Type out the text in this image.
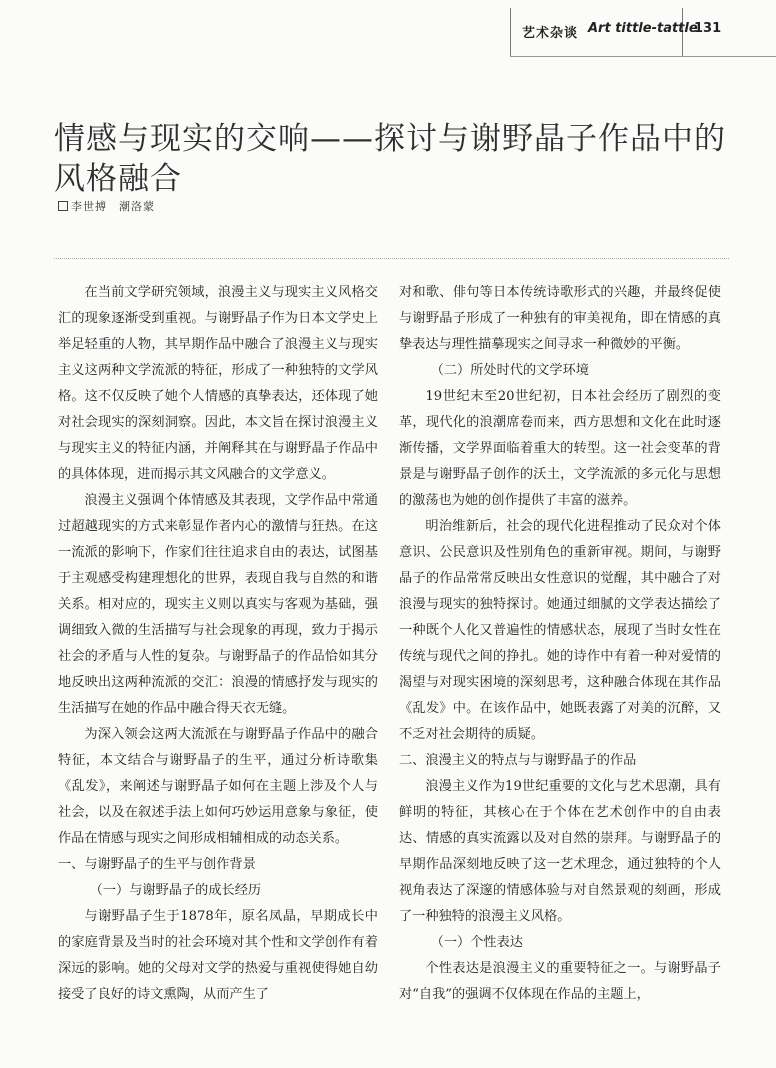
艺术杂谈 Art tittle-tattle
131
情感与现实的交响——探讨与谢野晶子作品中的风格融合
李世搏 潮洛蒙

在当前文学研究领域，浪漫主义与现实主义风格交汇的现象逐渐受到重视。与谢野晶子作为日本文学史上举足轻重的人物，其早期作品中融合了浪漫主义与现实主义这两种文学流派的特征，形成了一种独特的文学风格。这不仅反映了她个人情感的真挚表达，还体现了她对社会现实的深刻洞察。因此，本文旨在探讨浪漫主义与现实主义的特征内涵，并阐释其在与谢野晶子作品中的具体体现，进而揭示其文风融合的文学意义。

浪漫主义强调个体情感及其表现，文学作品中常通过超越现实的方式来彰显作者内心的激情与狂热。在这一流派的影响下，作家们往往追求自由的表达，试图基于主观感受构建理想化的世界，表现自我与自然的和谐关系。相对应的，现实主义则以真实与客观为基础，强调细致入微的生活描写与社会现象的再现，致力于揭示社会的矛盾与人性的复杂。与谢野晶子的作品恰如其分地反映出这两种流派的交汇：浪漫的情感抒发与现实的生活描写在她的作品中融合得天衣无缝。

为深入领会这两大流派在与谢野晶子作品中的融合特征，本文结合与谢野晶子的生平，通过分析诗歌集《乱发》，来阐述与谢野晶子如何在主题上涉及个人与社会，以及在叙述手法上如何巧妙运用意象与象征，使作品在情感与现实之间形成相辅相成的动态关系。

一、与谢野晶子的生平与创作背景
（一）与谢野晶子的成长经历

与谢野晶子生于1878年，原名凤晶，早期成长中的家庭背景及当时的社会环境对其个性和文学创作有着深远的影响。她的父母对文学的热爱与重视使得她自幼接受了良好的诗文熏陶，从而产生了

对和歌、俳句等日本传统诗歌形式的兴趣，并最终促使与谢野晶子形成了一种独有的审美视角，即在情感的真挚表达与理性描摹现实之间寻求一种微妙的平衡。

（二）所处时代的文学环境

19世纪末至20世纪初，日本社会经历了剧烈的变革，现代化的浪潮席卷而来，西方思想和文化在此时逐渐传播，文学界面临着重大的转型。这一社会变革的背景是与谢野晶子创作的沃土，文学流派的多元化与思想的激荡也为她的创作提供了丰富的滋养。

明治维新后，社会的现代化进程推动了民众对个体意识、公民意识及性别角色的重新审视。期间，与谢野晶子的作品常常反映出女性意识的觉醒，其中融合了对浪漫与现实的独特探讨。她通过细腻的文学表达描绘了一种既个人化又普遍性的情感状态，展现了当时女性在传统与现代之间的挣扎。她的诗作中有着一种对爱情的渴望与对现实困境的深刻思考，这种融合体现在其作品《乱发》中。在该作品中，她既表露了对美的沉醉，又不乏对社会期待的质疑。

二、浪漫主义的特点与与谢野晶子的作品

浪漫主义作为19世纪重要的文化与艺术思潮，具有鲜明的特征，其核心在于个体在艺术创作中的自由表达、情感的真实流露以及对自然的崇拜。与谢野晶子的早期作品深刻地反映了这一艺术理念，通过独特的个人视角表达了深邃的情感体验与对自然景观的刻画，形成了一种独特的浪漫主义风格。

（一）个性表达

个性表达是浪漫主义的重要特征之一。与谢野晶子对“自我”的强调不仅体现在作品的主题上，
